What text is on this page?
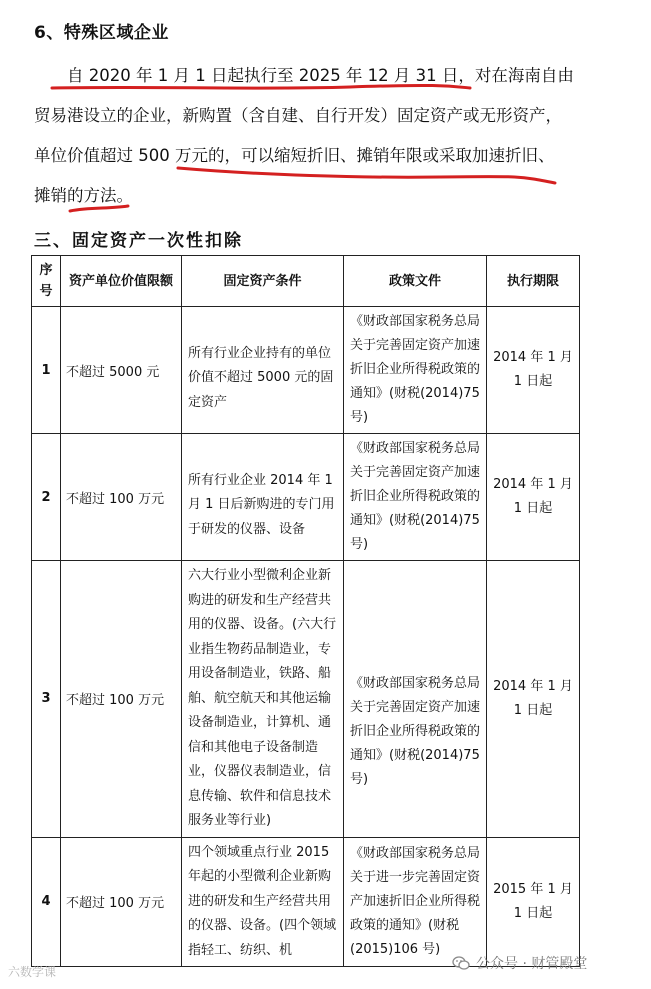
6、特殊区域企业
自 2020 年 1 月 1 日起执行至 2025 年 12 月 31 日，对在海南自由
贸易港设立的企业，新购置（含自建、自行开发）固定资产或无形资产，
单位价值超过 500 万元的，可以缩短折旧、摊销年限或采取加速折旧、
摊销的方法。
三、固定资产一次性扣除
序号	资产单位价值限额	固定资产条件	政策文件	执行期限
1	不超过 5000 元	所有行业企业持有的单位价值不超过 5000 元的固定资产	《财政部国家税务总局关于完善固定资产加速折旧企业所得税政策的通知》(财税(2014)75 号)	2014 年 1 月 1 日起
2	不超过 100 万元	所有行业企业 2014 年 1 月 1 日后新购进的专门用于研发的仪器、设备	《财政部国家税务总局关于完善固定资产加速折旧企业所得税政策的通知》(财税(2014)75 号)	2014 年 1 月 1 日起
3	不超过 100 万元	六大行业小型微利企业新购进的研发和生产经营共用的仪器、设备。(六大行业指生物药品制造业，专用设备制造业，铁路、船舶、航空航天和其他运输设备制造业，计算机、通信和其他电子设备制造业，仪器仪表制造业，信息传输、软件和信息技术服务业等行业)	《财政部国家税务总局关于完善固定资产加速折旧企业所得税政策的通知》(财税(2014)75 号)	2014 年 1 月 1 日起
4	不超过 100 万元	四个领域重点行业 2015 年起的小型微利企业新购进的研发和生产经营共用的仪器、设备。(四个领域指轻工、纺织、机	《财政部国家税务总局关于进一步完善固定资产加速折旧企业所得税政策的通知》(财税(2015)106 号)	2015 年 1 月 1 日起
六数学课	公众号 · 财管殿堂
